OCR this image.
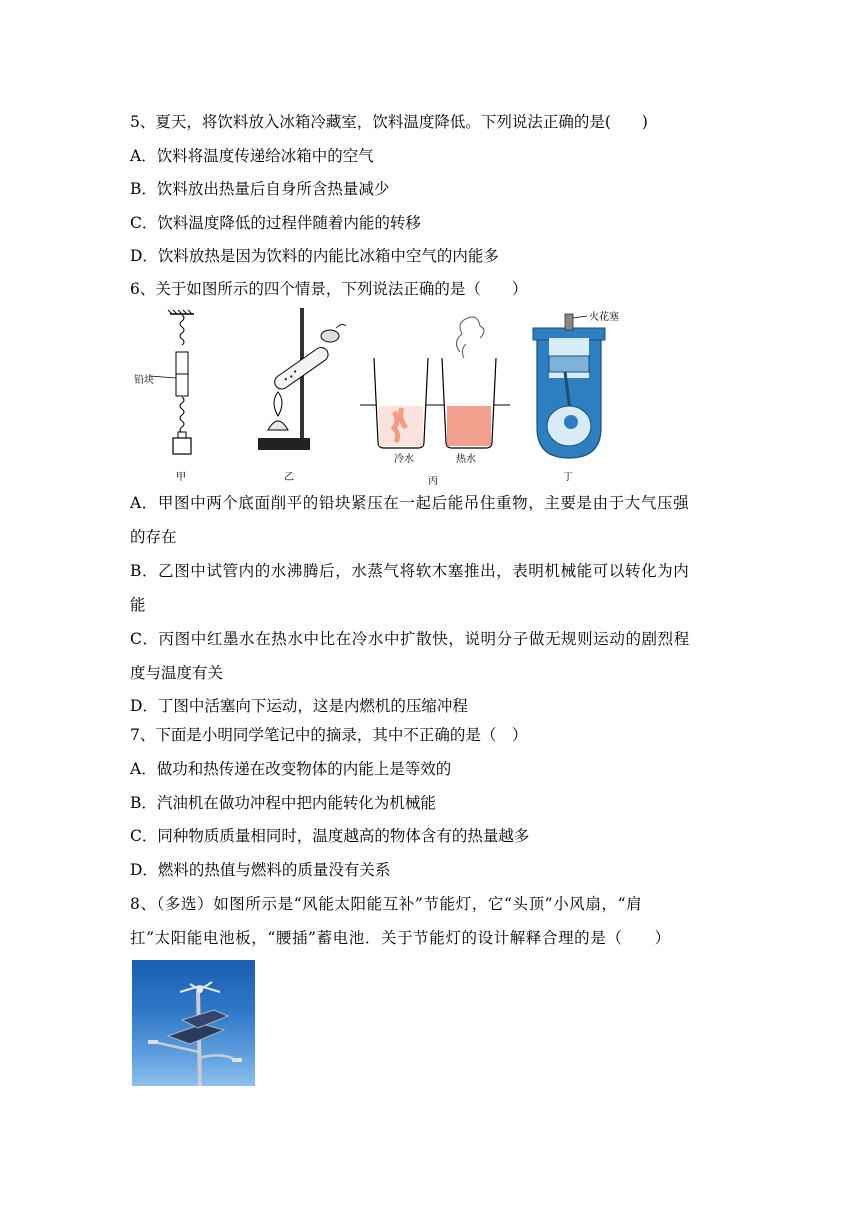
5、夏天，将饮料放入冰箱冷藏室，饮料温度降低。下列说法正确的是(　　)
A．饮料将温度传递给冰箱中的空气
B．饮料放出热量后自身所含热量减少
C．饮料温度降低的过程伴随着内能的转移
D．饮料放热是因为饮料的内能比冰箱中空气的内能多
6、关于如图所示的四个情景，下列说法正确的是（　　）
铅块
甲	乙
冷水	热水
丙
火花塞
丁
A．甲图中两个底面削平的铅块紧压在一起后能吊住重物，主要是由于大气压强
的存在
B．乙图中试管内的水沸腾后，水蒸气将软木塞推出，表明机械能可以转化为内
能
C．丙图中红墨水在热水中比在冷水中扩散快，说明分子做无规则运动的剧烈程
度与温度有关
D．丁图中活塞向下运动，这是内燃机的压缩冲程
7、下面是小明同学笔记中的摘录，其中不正确的是（　）
A．做功和热传递在改变物体的内能上是等效的
B．汽油机在做功冲程中把内能转化为机械能
C．同种物质质量相同时，温度越高的物体含有的热量越多
D．燃料的热值与燃料的质量没有关系
8、（多选）如图所示是“风能太阳能互补”节能灯，它“头顶”小风扇，“肩
扛”太阳能电池板，“腰插”蓄电池．关于节能灯的设计解释合理的是（　　）
